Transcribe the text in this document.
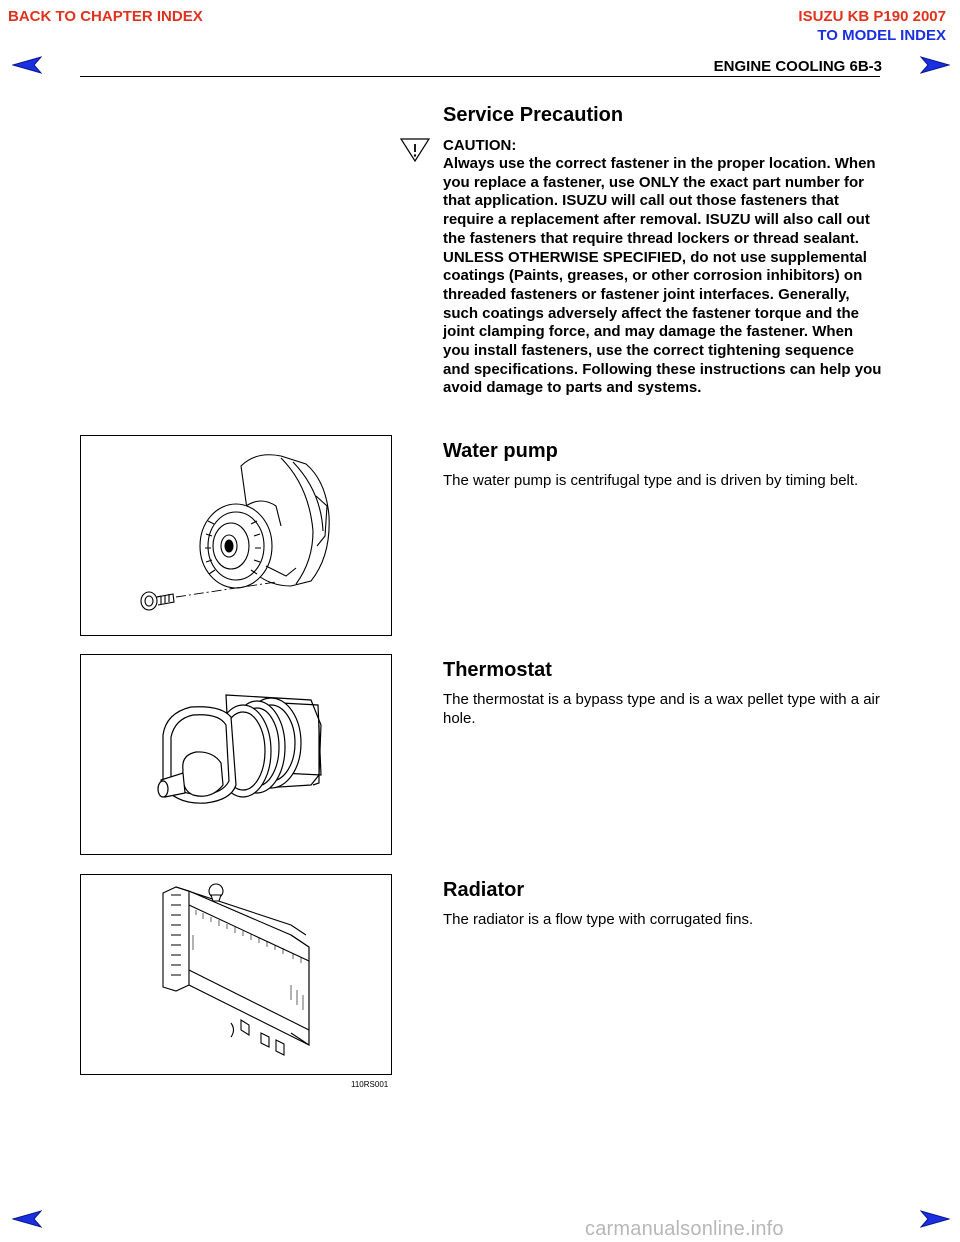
BACK TO CHAPTER INDEX	ISUZU KB P190 2007
TO MODEL INDEX
ENGINE COOLING 6B-3
Service Precaution
CAUTION:
Always use the correct fastener in the proper location. When you replace a fastener, use ONLY the exact part number for that application. ISUZU will call out those fasteners that require a replacement after removal. ISUZU will also call out the fasteners that require thread lockers or thread sealant. UNLESS OTHERWISE SPECIFIED, do not use supplemental coatings (Paints, greases, or other corrosion inhibitors) on threaded fasteners or fastener joint interfaces. Generally, such coatings adversely affect the fastener torque and the joint clamping force, and may damage the fastener. When you install fasteners, use the correct tightening sequence and specifications. Following these instructions can help you avoid damage to parts and systems.
Water pump
The water pump is centrifugal type and is driven by timing belt.
Thermostat
The thermostat is a bypass type and is a wax pellet type with a air hole.
Radiator
The radiator is a flow type with corrugated fins.
110RS001
carmanualsonline.info
